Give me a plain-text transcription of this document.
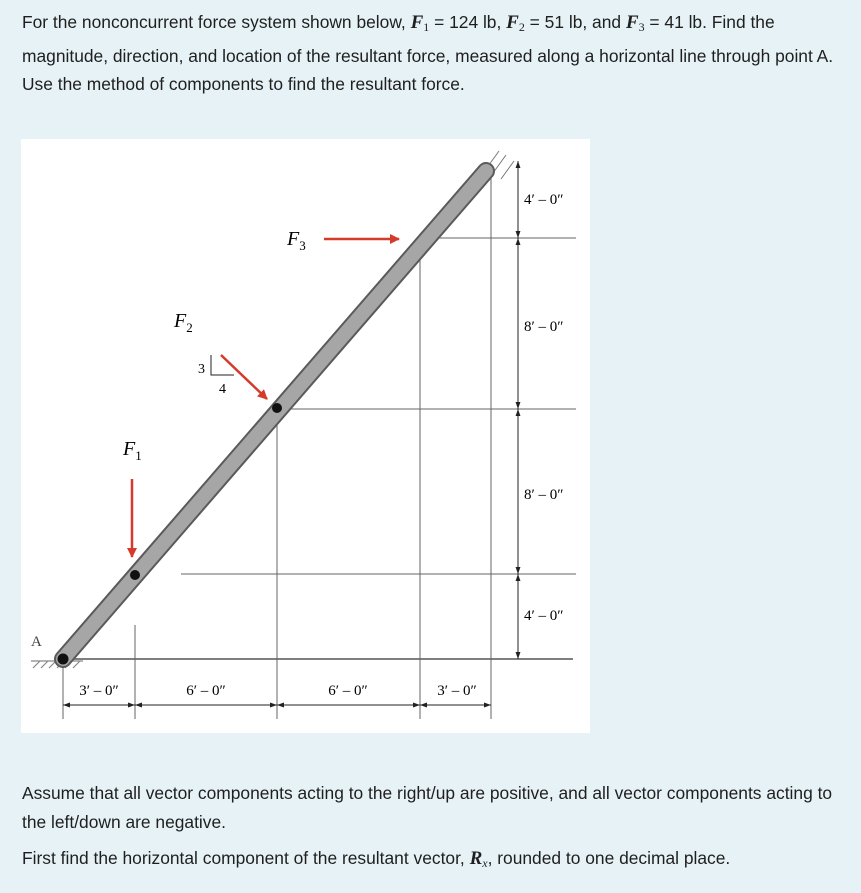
For the nonconcurrent force system shown below, $F_1 = 124$ lb, $F_2 = 51$ lb, and $F_3 = 41$ lb. Find the magnitude, direction, and location of the resultant force, measured along a horizontal line through point A. Use the method of components to find the resultant force.
3
4
$F_1$
$F_2$
$F_3$
A
3′ – 0″	6′ – 0″	6′ – 0″	3′ – 0″
4′ – 0″
8′ – 0″
8′ – 0″
4′ – 0″

Assume that all vector components acting to the right/up are positive, and all vector components acting to the left/down are negative.

First find the horizontal component of the resultant vector, $R_x$, rounded to one decimal place.
